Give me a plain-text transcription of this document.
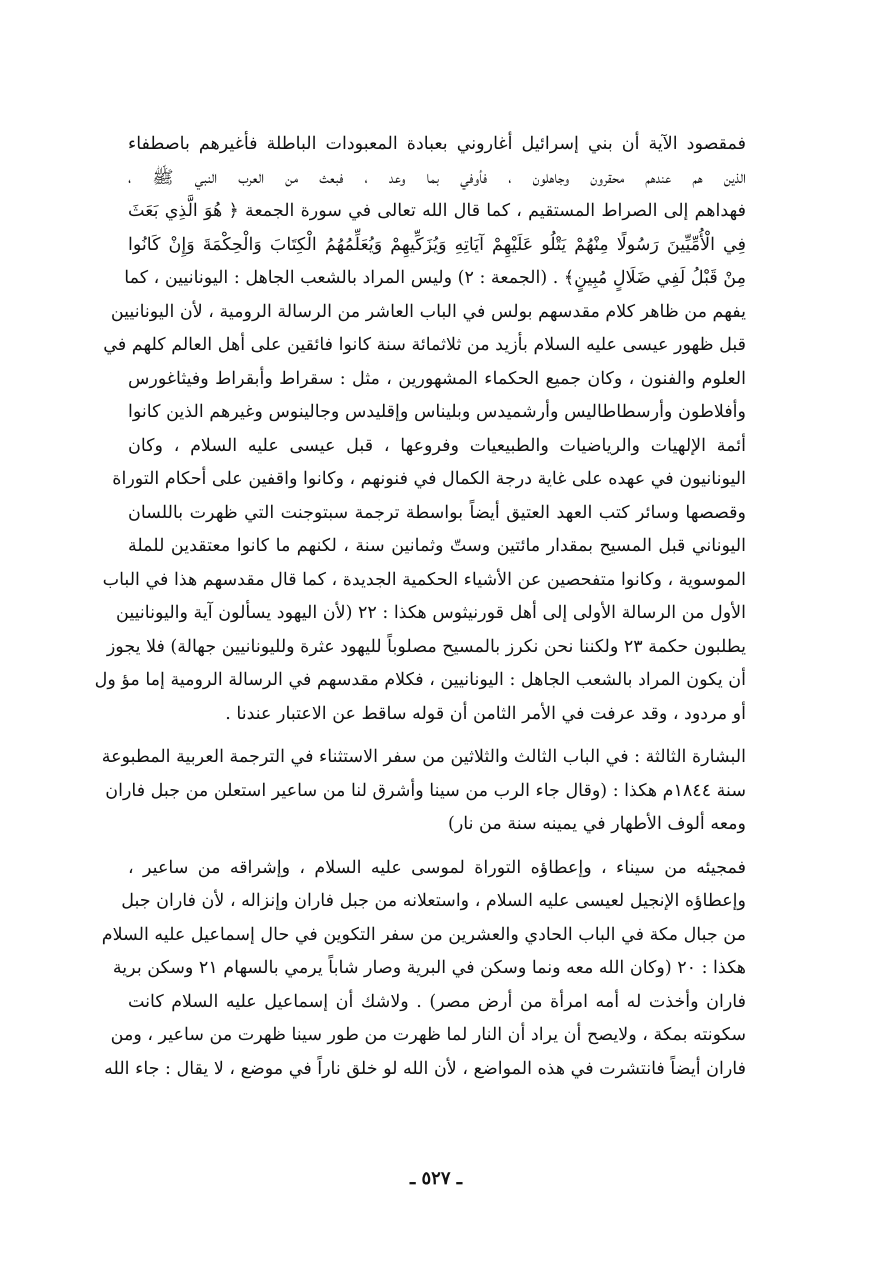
فمقصود الآية أن بني إسرائيل أغاروني بعبادة المعبودات الباطلة فأغيرهم باصطفاء
الذين هم عندهم محقرون وجاهلون ، فأوفي بما وعد ، فبعث من العرب النبي ﷺ ،
فهداهم إلى الصراط المستقيم ، كما قال الله تعالى في سورة الجمعة ﴿ هُوَ الَّذِي بَعَثَ
فِي الْأُمِّيِّينَ رَسُولًا مِنْهُمْ يَتْلُو عَلَيْهِمْ آيَاتِهِ وَيُزَكِّيهِمْ وَيُعَلِّمُهُمُ الْكِتَابَ وَالْحِكْمَةَ وَإِنْ كَانُوا
مِنْ قَبْلُ لَفِي ضَلَالٍ مُبِينٍ﴾ . (الجمعة : ٢) وليس المراد بالشعب الجاهل : اليونانيين ، كما
يفهم من ظاهر كلام مقدسهم بولس في الباب العاشر من الرسالة الرومية ، لأن اليونانيين
قبل ظهور عيسى عليه السلام بأزيد من ثلاثمائة سنة كانوا فائقين على أهل العالم كلهم في
العلوم والفنون ، وكان جميع الحكماء المشهورين ، مثل : سقراط وأبقراط وفيثاغورس
وأفلاطون وأرسطاطاليس وأرشميدس وبليناس وإقليدس وجالينوس وغيرهم الذين كانوا
أئمة الإلهيات والرياضيات والطبيعيات وفروعها ، قبل عيسى عليه السلام ، وكان
اليونانيون في عهده على غاية درجة الكمال في فنونهم ، وكانوا واقفين على أحكام التوراة
وقصصها وسائر كتب العهد العتيق أيضاً بواسطة ترجمة سبتوجنت التي ظهرت باللسان
اليوناني قبل المسيح بمقدار مائتين وستّ وثمانين سنة ، لكنهم ما كانوا معتقدين للملة
الموسوية ، وكانوا متفحصين عن الأشياء الحكمية الجديدة ، كما قال مقدسهم هذا في الباب
الأول من الرسالة الأولى إلى أهل قورنيثوس هكذا : ٢٢ (لأن اليهود يسألون آية واليونانيين
يطلبون حكمة ٢٣ ولكننا نحن نكرز بالمسيح مصلوباً لليهود عثرة ولليونانيين جهالة) فلا يجوز
أن يكون المراد بالشعب الجاهل : اليونانيين ، فكلام مقدسهم في الرسالة الرومية إما مؤ ول
أو مردود ، وقد عرفت في الأمر الثامن أن قوله ساقط عن الاعتبار عندنا .
البشارة الثالثة : في الباب الثالث والثلاثين من سفر الاستثناء في الترجمة العربية المطبوعة
سنة ١٨٤٤م هكذا : (وقال جاء الرب من سينا وأشرق لنا من ساعير استعلن من جبل فاران
ومعه ألوف الأطهار في يمينه سنة من نار)
فمجيئه من سيناء ، وإعطاؤه التوراة لموسى عليه السلام ، وإشراقه من ساعير ،
وإعطاؤه الإنجيل لعيسى عليه السلام ، واستعلانه من جبل فاران وإنزاله ، لأن فاران جبل
من جبال مكة في الباب الحادي والعشرين من سفر التكوين في حال إسماعيل عليه السلام
هكذا : ٢٠ (وكان الله معه ونما وسكن في البرية وصار شاباً يرمي بالسهام ٢١ وسكن برية
فاران وأخذت له أمه امرأة من أرض مصر) . ولاشك أن إسماعيل عليه السلام كانت
سكونته بمكة ، ولايصح أن يراد أن النار لما ظهرت من طور سينا ظهرت من ساعير ، ومن
فاران أيضاً فانتشرت في هذه المواضع ، لأن الله لو خلق ناراً في موضع ، لا يقال : جاء الله
ـ ٥٢٧ ـ
